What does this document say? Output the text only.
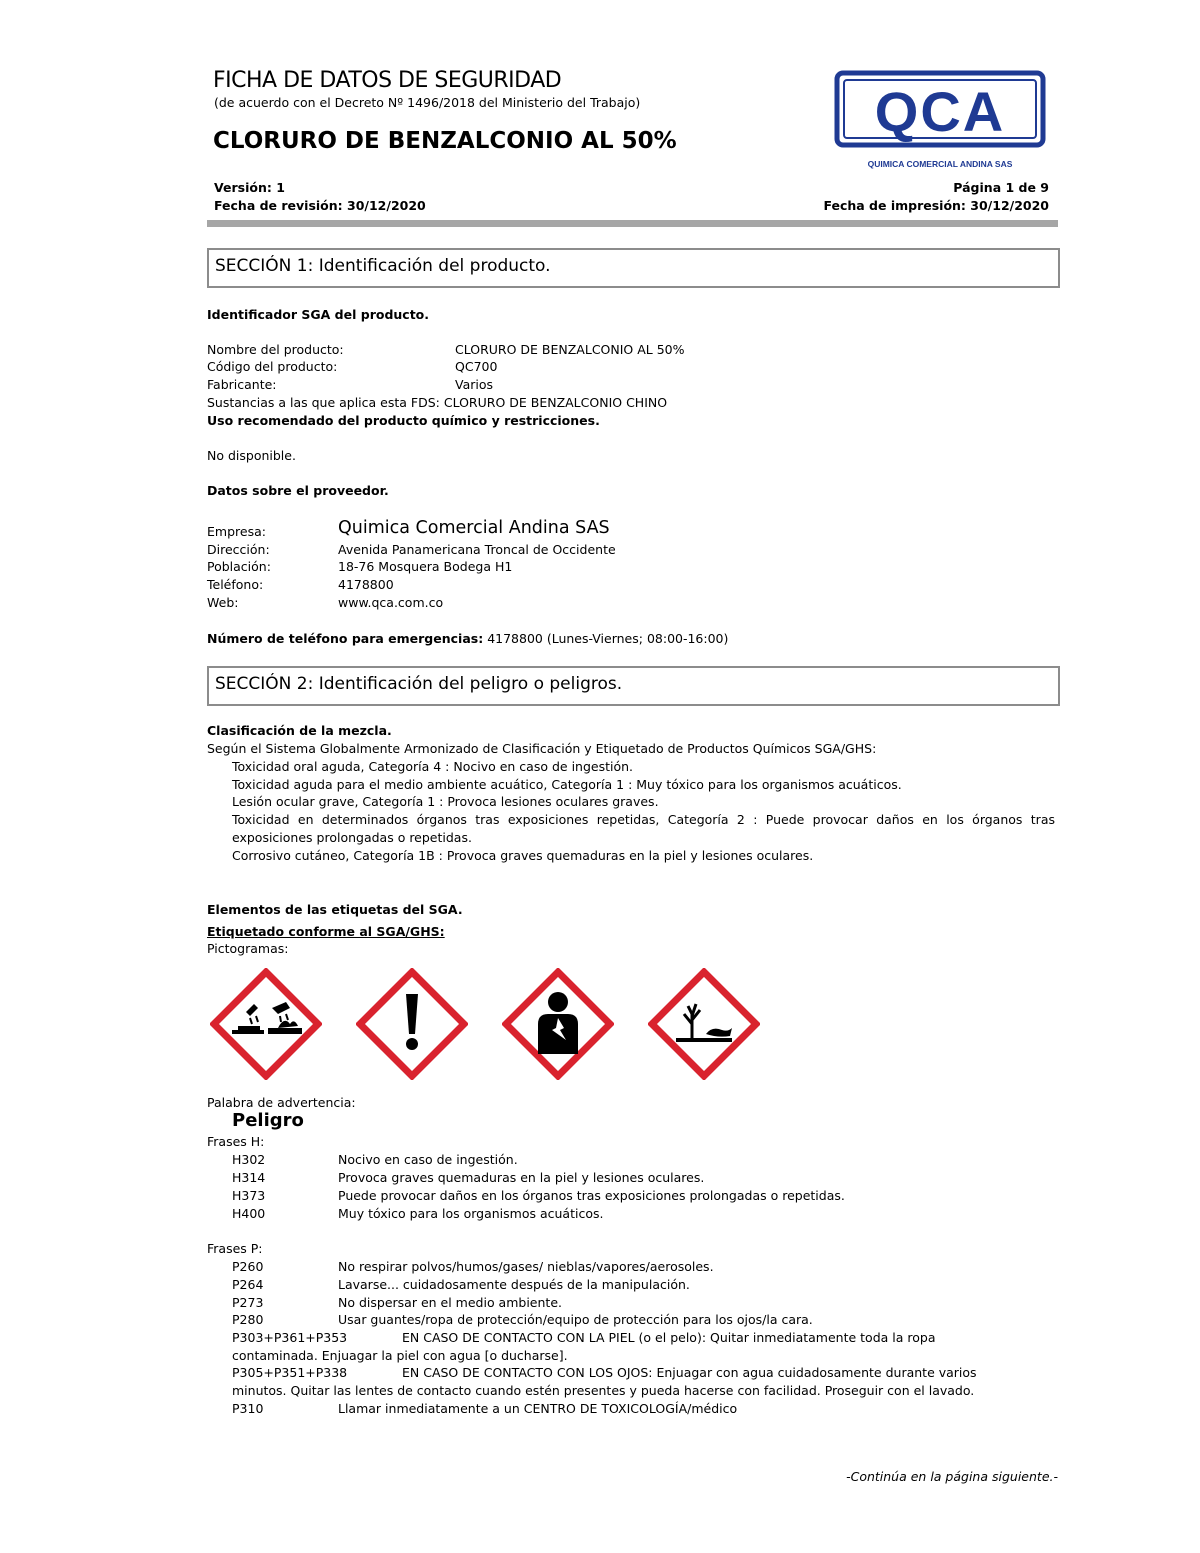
FICHA DE DATOS DE SEGURIDAD
(de acuerdo con el Decreto Nº 1496/2018 del Ministerio del Trabajo)
CLORURO DE BENZALCONIO AL 50%	QCA
QUIMICA COMERCIAL ANDINA SAS
Versión: 1	Página 1 de 9
Fecha de revisión: 30/12/2020	Fecha de impresión: 30/12/2020
SECCIÓN 1: Identificación del producto.
Identificador SGA del producto.
Nombre del producto:	CLORURO DE BENZALCONIO AL 50%
Código del producto:	QC700
Fabricante:	Varios
Sustancias a las que aplica esta FDS: CLORURO DE BENZALCONIO CHINO
Uso recomendado del producto químico y restricciones.
No disponible.
Datos sobre el proveedor.
Empresa:	Quimica Comercial Andina SAS
Dirección:	Avenida Panamericana Troncal de Occidente
Población:	18-76 Mosquera Bodega H1
Teléfono:	4178800
Web:	www.qca.com.co
Número de teléfono para emergencias: 4178800 (Lunes-Viernes; 08:00-16:00)
SECCIÓN 2: Identificación del peligro o peligros.
Clasificación de la mezcla.
Según el Sistema Globalmente Armonizado de Clasificación y Etiquetado de Productos Químicos SGA/GHS:
Toxicidad oral aguda, Categoría 4 : Nocivo en caso de ingestión.
Toxicidad aguda para el medio ambiente acuático, Categoría 1 : Muy tóxico para los organismos acuáticos.
Lesión ocular grave, Categoría 1 : Provoca lesiones oculares graves.
Toxicidad en determinados órganos tras exposiciones repetidas, Categoría 2 : Puede provocar daños en los órganos tras
exposiciones prolongadas o repetidas.
Corrosivo cutáneo, Categoría 1B : Provoca graves quemaduras en la piel y lesiones oculares.
Elementos de las etiquetas del SGA.
Etiquetado conforme al SGA/GHS:
Pictogramas:
Palabra de advertencia:
Peligro
Frases H:
H302	Nocivo en caso de ingestión.
H314	Provoca graves quemaduras en la piel y lesiones oculares.
H373	Puede provocar daños en los órganos tras exposiciones prolongadas o repetidas.
H400	Muy tóxico para los organismos acuáticos.
Frases P:
P260	No respirar polvos/humos/gases/ nieblas/vapores/aerosoles.
P264	Lavarse... cuidadosamente después de la manipulación.
P273	No dispersar en el medio ambiente.
P280	Usar guantes/ropa de protección/equipo de protección para los ojos/la cara.
P303+P361+P353	EN CASO DE CONTACTO CON LA PIEL (o el pelo): Quitar inmediatamente toda la ropa
contaminada. Enjuagar la piel con agua [o ducharse].
P305+P351+P338	EN CASO DE CONTACTO CON LOS OJOS: Enjuagar con agua cuidadosamente durante varios
minutos. Quitar las lentes de contacto cuando estén presentes y pueda hacerse con facilidad. Proseguir con el lavado.
P310	Llamar inmediatamente a un CENTRO DE TOXICOLOGÍA/médico
-Continúa en la página siguiente.-
